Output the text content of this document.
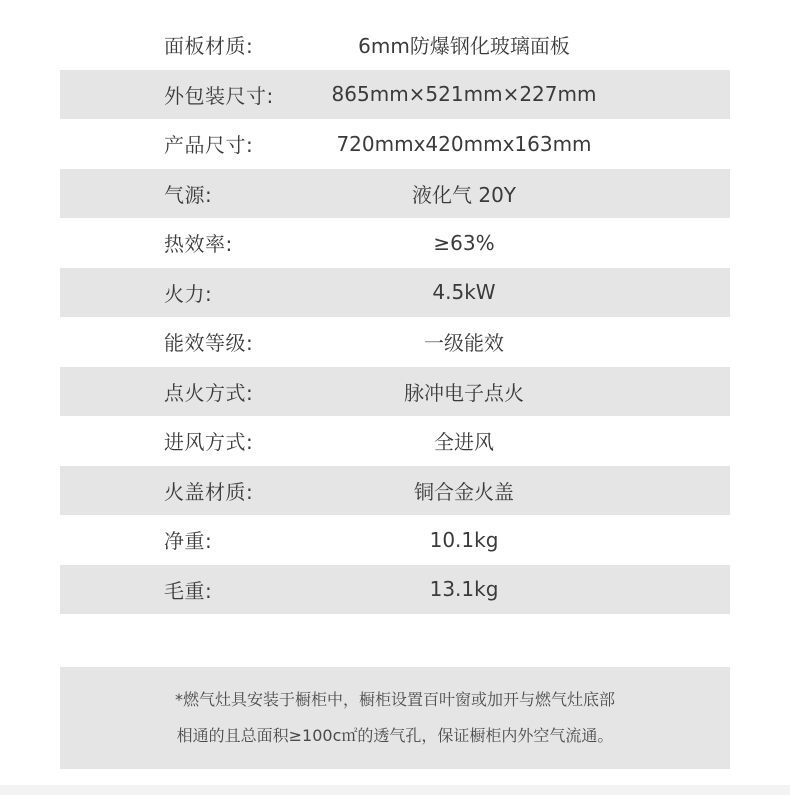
面板材质:	6mm防爆钢化玻璃面板
外包装尺寸:	865mm×521mm×227mm
产品尺寸:	720mmx420mmx163mm
气源:	液化气 20Y
热效率:	≥63%
火力:	4.5kW
能效等级:	一级能效
点火方式:	脉冲电子点火
进风方式:	全进风
火盖材质:	铜合金火盖
净重:	10.1kg
毛重:	13.1kg
*燃气灶具安装于橱柜中，橱柜设置百叶窗或加开与燃气灶底部
相通的且总面积≥100c㎡的透气孔，保证橱柜内外空气流通。
